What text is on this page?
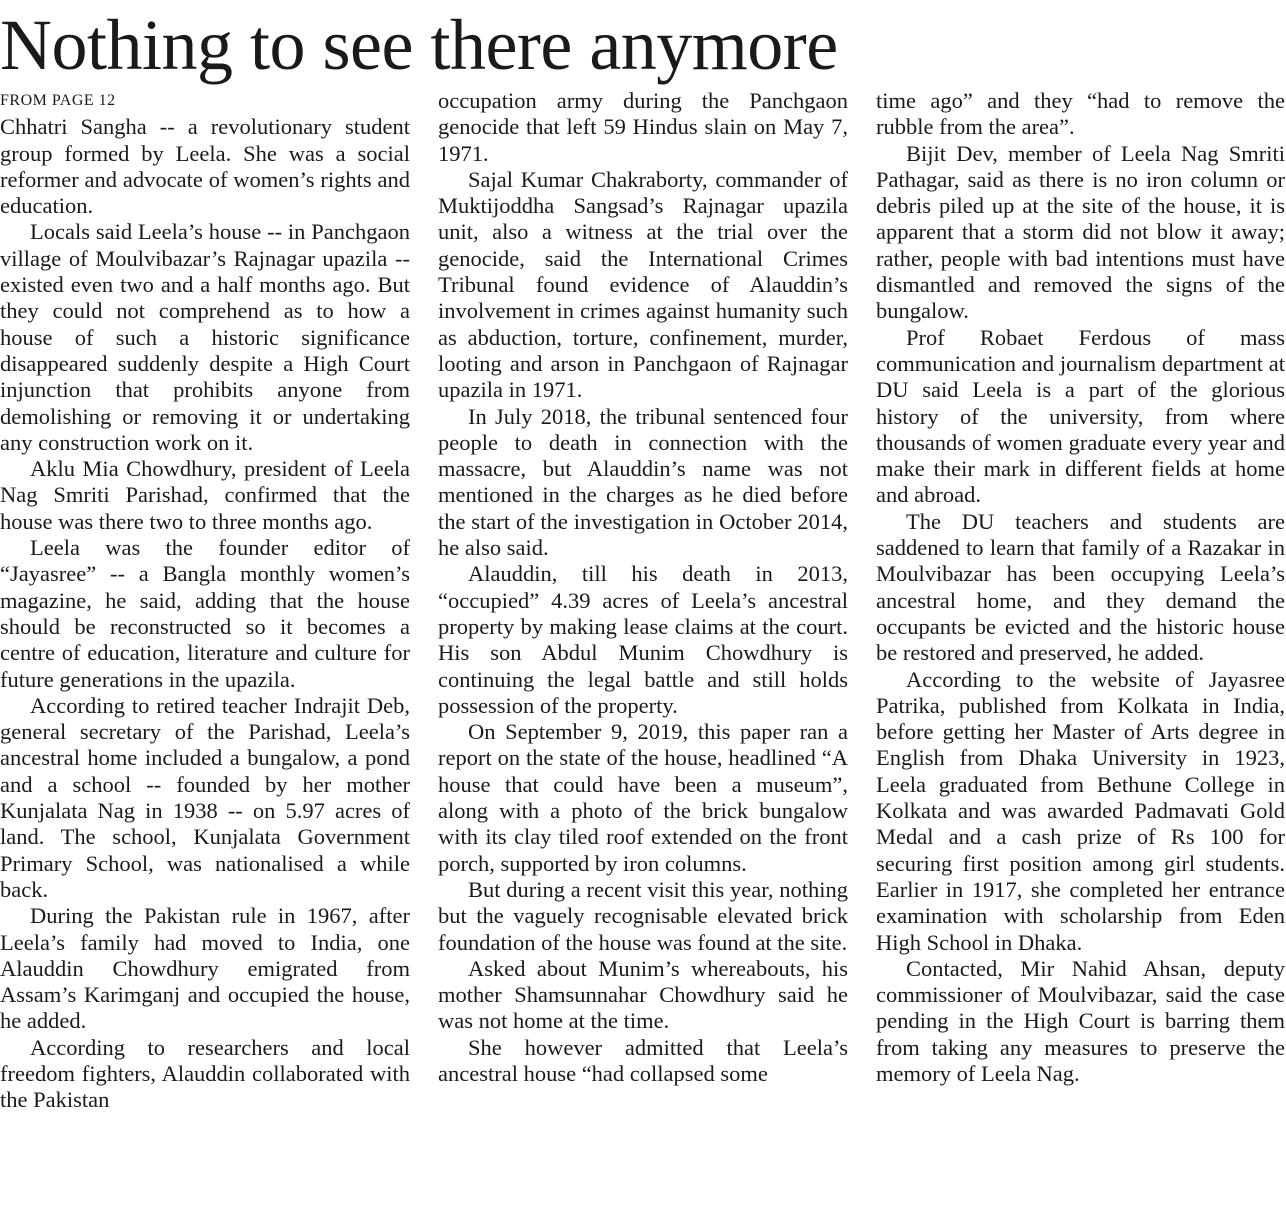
Nothing to see there anymore
FROM PAGE 12

Chhatri Sangha -- a revolutionary student group formed by Leela. She was a social reformer and advocate of women’s rights and education.

Locals said Leela’s house -- in Panchgaon village of Moulvibazar’s Rajnagar upazila -- existed even two and a half months ago. But they could not comprehend as to how a house of such a historic significance disappeared suddenly despite a High Court injunction that prohibits anyone from demolishing or removing it or undertaking any construction work on it.

Aklu Mia Chowdhury, president of Leela Nag Smriti Parishad, confirmed that the house was there two to three months ago.

Leela was the founder editor of “Jayasree” -- a Bangla monthly women’s magazine, he said, adding that the house should be reconstructed so it becomes a centre of education, literature and culture for future generations in the upazila.

According to retired teacher Indrajit Deb, general secretary of the Parishad, Leela’s ancestral home included a bungalow, a pond and a school -- founded by her mother Kunjalata Nag in 1938 -- on 5.97 acres of land. The school, Kunjalata Government Primary School, was nationalised a while back.

During the Pakistan rule in 1967, after Leela’s family had moved to India, one Alauddin Chowdhury emigrated from Assam’s Karimganj and occupied the house, he added.

According to researchers and local freedom fighters, Alauddin collaborated with the Pakistan

occupation army during the Panchgaon genocide that left 59 Hindus slain on May 7, 1971.

Sajal Kumar Chakraborty, commander of Muktijoddha Sangsad’s Rajnagar upazila unit, also a witness at the trial over the genocide, said the International Crimes Tribunal found evidence of Alauddin’s involvement in crimes against humanity such as abduction, torture, confinement, murder, looting and arson in Panchgaon of Rajnagar upazila in 1971.

In July 2018, the tribunal sentenced four people to death in connection with the massacre, but Alauddin’s name was not mentioned in the charges as he died before the start of the investigation in October 2014, he also said.

Alauddin, till his death in 2013, “occupied” 4.39 acres of Leela’s ancestral property by making lease claims at the court. His son Abdul Munim Chowdhury is continuing the legal battle and still holds possession of the property.

On September 9, 2019, this paper ran a report on the state of the house, headlined “A house that could have been a museum”, along with a photo of the brick bungalow with its clay tiled roof extended on the front porch, supported by iron columns.

But during a recent visit this year, nothing but the vaguely recognisable elevated brick foundation of the house was found at the site.

Asked about Munim’s whereabouts, his mother Shamsunnahar Chowdhury said he was not home at the time.

She however admitted that Leela’s ancestral house “had collapsed some

time ago” and they “had to remove the rubble from the area”.

Bijit Dev, member of Leela Nag Smriti Pathagar, said as there is no iron column or debris piled up at the site of the house, it is apparent that a storm did not blow it away; rather, people with bad intentions must have dismantled and removed the signs of the bungalow.

Prof Robaet Ferdous of mass communication and journalism department at DU said Leela is a part of the glorious history of the university, from where thousands of women graduate every year and make their mark in different fields at home and abroad.

The DU teachers and students are saddened to learn that family of a Razakar in Moulvibazar has been occupying Leela’s ancestral home, and they demand the occupants be evicted and the historic house be restored and preserved, he added.

According to the website of Jayasree Patrika, published from Kolkata in India, before getting her Master of Arts degree in English from Dhaka University in 1923, Leela graduated from Bethune College in Kolkata and was awarded Padmavati Gold Medal and a cash prize of Rs 100 for securing first position among girl students. Earlier in 1917, she completed her entrance examination with scholarship from Eden High School in Dhaka.

Contacted, Mir Nahid Ahsan, deputy commissioner of Moulvibazar, said the case pending in the High Court is barring them from taking any measures to preserve the memory of Leela Nag.
